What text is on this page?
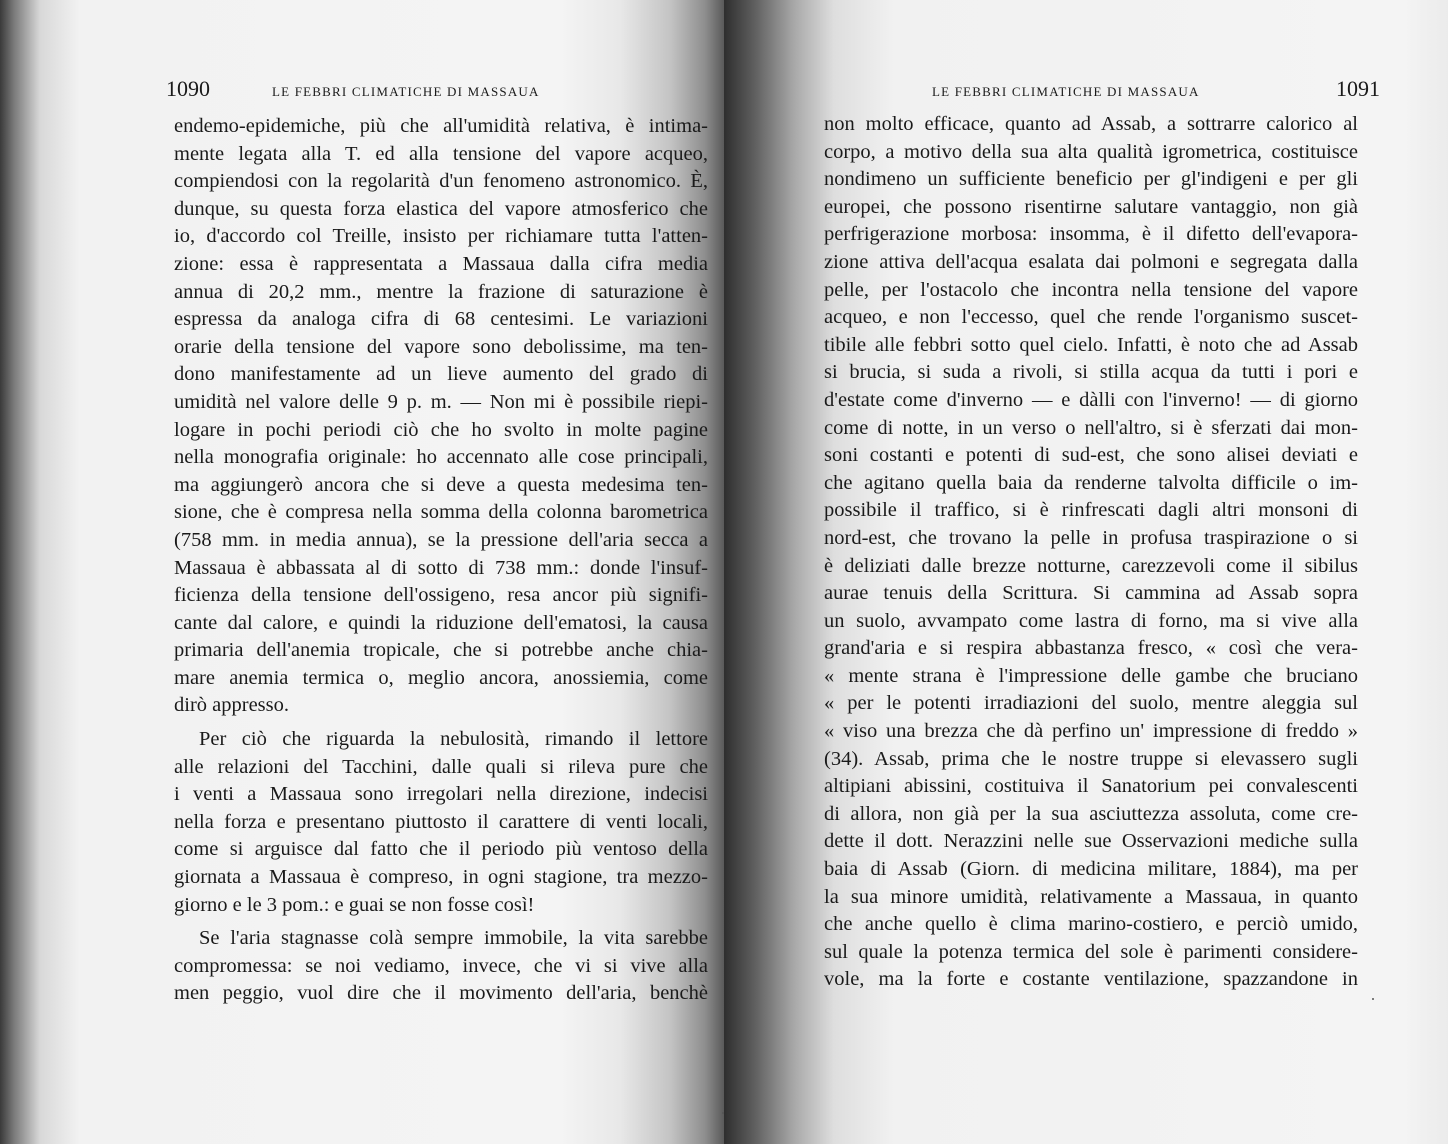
1090	LE FEBBRI CLIMATICHE DI MASSAUA
endemo-epidemiche, più che all'umidità relativa, è intima-
mente legata alla T. ed alla tensione del vapore acqueo,
compiendosi con la regolarità d'un fenomeno astronomico. È,
dunque, su questa forza elastica del vapore atmosferico che
io, d'accordo col Treille, insisto per richiamare tutta l'atten-
zione: essa è rappresentata a Massaua dalla cifra media
annua di 20,2 mm., mentre la frazione di saturazione è
espressa da analoga cifra di 68 centesimi. Le variazioni
orarie della tensione del vapore sono debolissime, ma ten-
dono manifestamente ad un lieve aumento del grado di
umidità nel valore delle 9 p. m. — Non mi è possibile riepi-
logare in pochi periodi ciò che ho svolto in molte pagine
nella monografia originale: ho accennato alle cose principali,
ma aggiungerò ancora che si deve a questa medesima ten-
sione, che è compresa nella somma della colonna barometrica
(758 mm. in media annua), se la pressione dell'aria secca a
Massaua è abbassata al di sotto di 738 mm.: donde l'insuf-
ficienza della tensione dell'ossigeno, resa ancor più signifi-
cante dal calore, e quindi la riduzione dell'ematosi, la causa
primaria dell'anemia tropicale, che si potrebbe anche chia-
mare anemia termica o, meglio ancora, anossiemia, come
dirò appresso.
Per ciò che riguarda la nebulosità, rimando il lettore
alle relazioni del Tacchini, dalle quali si rileva pure che
i venti a Massaua sono irregolari nella direzione, indecisi
nella forza e presentano piuttosto il carattere di venti locali,
come si arguisce dal fatto che il periodo più ventoso della
giornata a Massaua è compreso, in ogni stagione, tra mezzo-
giorno e le 3 pom.: e guai se non fosse così!
Se l'aria stagnasse colà sempre immobile, la vita sarebbe
compromessa: se noi vediamo, invece, che vi si vive alla
men peggio, vuol dire che il movimento dell'aria, benchè
LE FEBBRI CLIMATICHE DI MASSAUA	1091
non molto efficace, quanto ad Assab, a sottrarre calorico al
corpo, a motivo della sua alta qualità igrometrica, costituisce
nondimeno un sufficiente beneficio per gl'indigeni e per gli
europei, che possono risentirne salutare vantaggio, non già
perfrigerazione morbosa: insomma, è il difetto dell'evapora-
zione attiva dell'acqua esalata dai polmoni e segregata dalla
pelle, per l'ostacolo che incontra nella tensione del vapore
acqueo, e non l'eccesso, quel che rende l'organismo suscet-
tibile alle febbri sotto quel cielo. Infatti, è noto che ad Assab
si brucia, si suda a rivoli, si stilla acqua da tutti i pori e
d'estate come d'inverno — e dàlli con l'inverno! — di giorno
come di notte, in un verso o nell'altro, si è sferzati dai mon-
soni costanti e potenti di sud-est, che sono alisei deviati e
che agitano quella baia da renderne talvolta difficile o im-
possibile il traffico, si è rinfrescati dagli altri monsoni di
nord-est, che trovano la pelle in profusa traspirazione o si
è deliziati dalle brezze notturne, carezzevoli come il sibilus
aurae tenuis della Scrittura. Si cammina ad Assab sopra
un suolo, avvampato come lastra di forno, ma si vive alla
grand'aria e si respira abbastanza fresco, « così che vera-
« mente strana è l'impressione delle gambe che bruciano
« per le potenti irradiazioni del suolo, mentre aleggia sul
« viso una brezza che dà perfino un' impressione di freddo »
(34). Assab, prima che le nostre truppe si elevassero sugli
altipiani abissini, costituiva il Sanatorium pei convalescenti
di allora, non già per la sua asciuttezza assoluta, come cre-
dette il dott. Nerazzini nelle sue Osservazioni mediche sulla
baia di Assab (Giorn. di medicina militare, 1884), ma per
la sua minore umidità, relativamente a Massaua, in quanto
che anche quello è clima marino-costiero, e perciò umido,
sul quale la potenza termica del sole è parimenti considere-
vole, ma la forte e costante ventilazione, spazzandone in
